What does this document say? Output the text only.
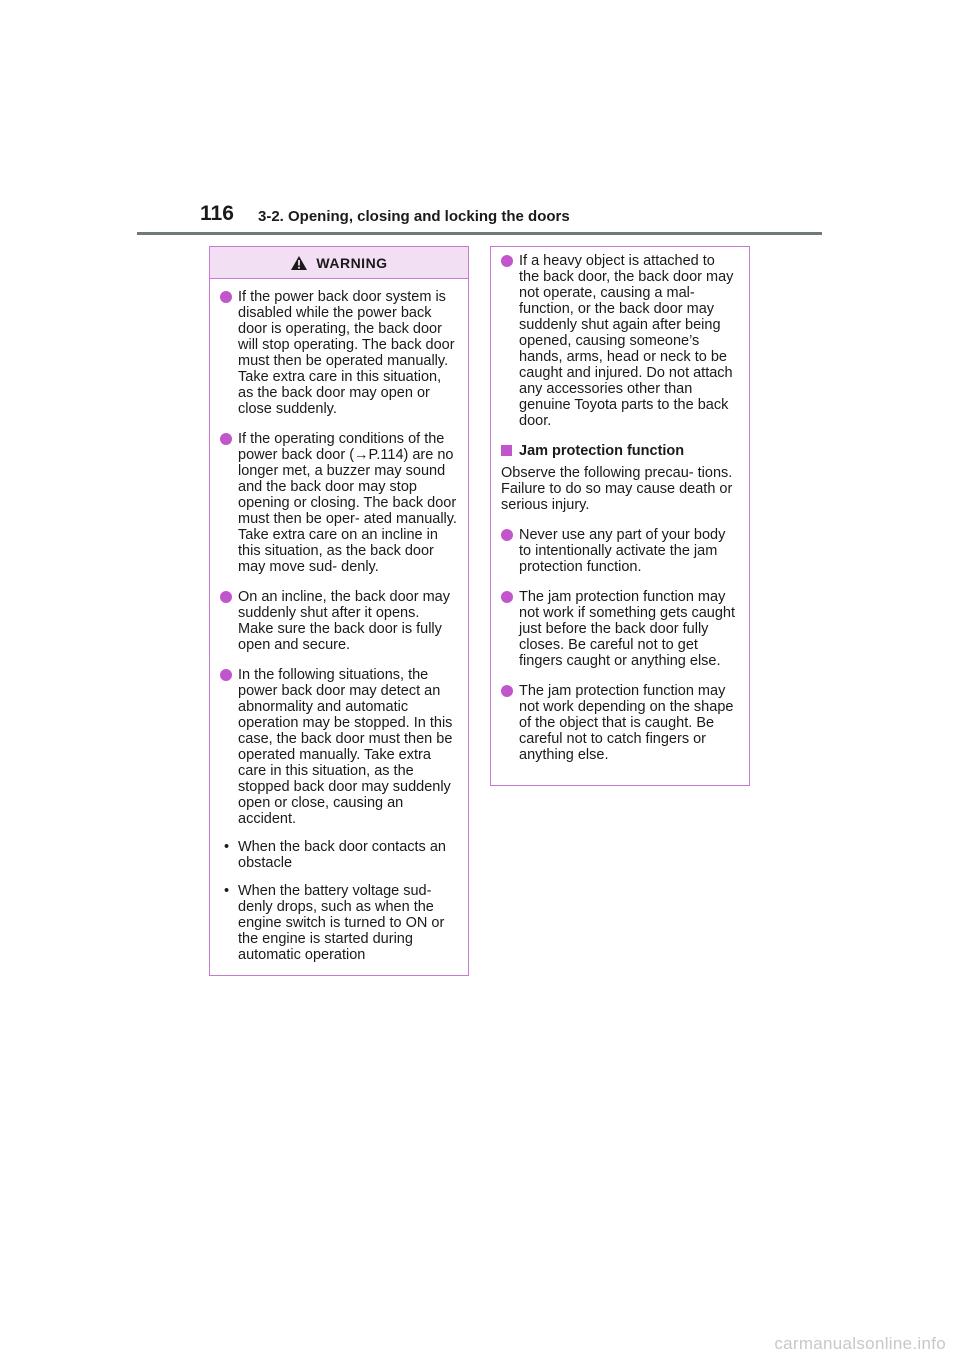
116 3-2. Opening, closing and locking the doors
WARNING
If the power back door system is disabled while the power back door is operating, the back door will stop operating. The back door must then be operated manually. Take extra care in this situation, as the back door may open or close suddenly.
If the operating conditions of the power back door (→P.114) are no longer met, a buzzer may sound and the back door may stop opening or closing. The back door must then be oper- ated manually. Take extra care on an incline in this situation, as the back door may move sud- denly.
On an incline, the back door may suddenly shut after it opens. Make sure the back door is fully open and secure.
In the following situations, the power back door may detect an abnormality and automatic operation may be stopped. In this case, the back door must then be operated manually. Take extra care in this situation, as the stopped back door may suddenly open or close, causing an accident.
• When the back door contacts an obstacle
• When the battery voltage sud- denly drops, such as when the engine switch is turned to ON or the engine is started during automatic operation
If a heavy object is attached to the back door, the back door may not operate, causing a mal- function, or the back door may suddenly shut again after being opened, causing someone’s hands, arms, head or neck to be caught and injured. Do not attach any accessories other than genuine Toyota parts to the back door.
Jam protection function
Observe the following precau- tions. Failure to do so may cause death or serious injury.
Never use any part of your body to intentionally activate the jam protection function.
The jam protection function may not work if something gets caught just before the back door fully closes. Be careful not to get fingers caught or anything else.
The jam protection function may not work depending on the shape of the object that is caught. Be careful not to catch fingers or anything else.
carmanualsonline.info
